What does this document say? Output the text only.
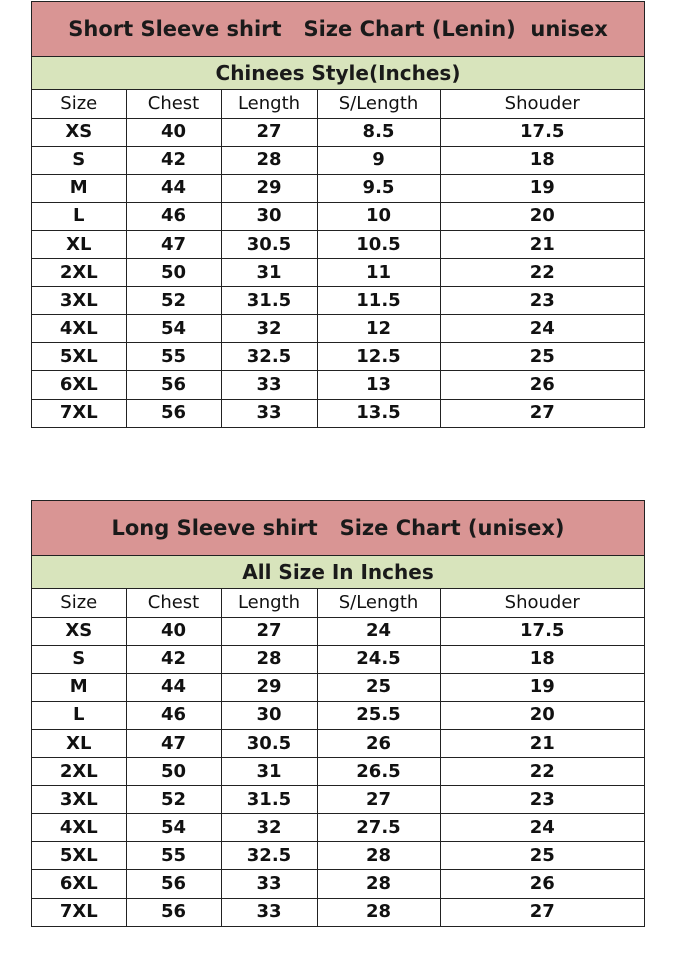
Short Sleeve shirt   Size Chart (Lenin)  unisex
Chinees Style(Inches)
Size	Chest	Length	S/Length	Shouder
XS	40	27	8.5	17.5
S	42	28	9	18
M	44	29	9.5	19
L	46	30	10	20
XL	47	30.5	10.5	21
2XL	50	31	11	22
3XL	52	31.5	11.5	23
4XL	54	32	12	24
5XL	55	32.5	12.5	25
6XL	56	33	13	26
7XL	56	33	13.5	27
Long Sleeve shirt   Size Chart (unisex)
All Size In Inches
Size	Chest	Length	S/Length	Shouder
XS	40	27	24	17.5
S	42	28	24.5	18
M	44	29	25	19
L	46	30	25.5	20
XL	47	30.5	26	21
2XL	50	31	26.5	22
3XL	52	31.5	27	23
4XL	54	32	27.5	24
5XL	55	32.5	28	25
6XL	56	33	28	26
7XL	56	33	28	27
